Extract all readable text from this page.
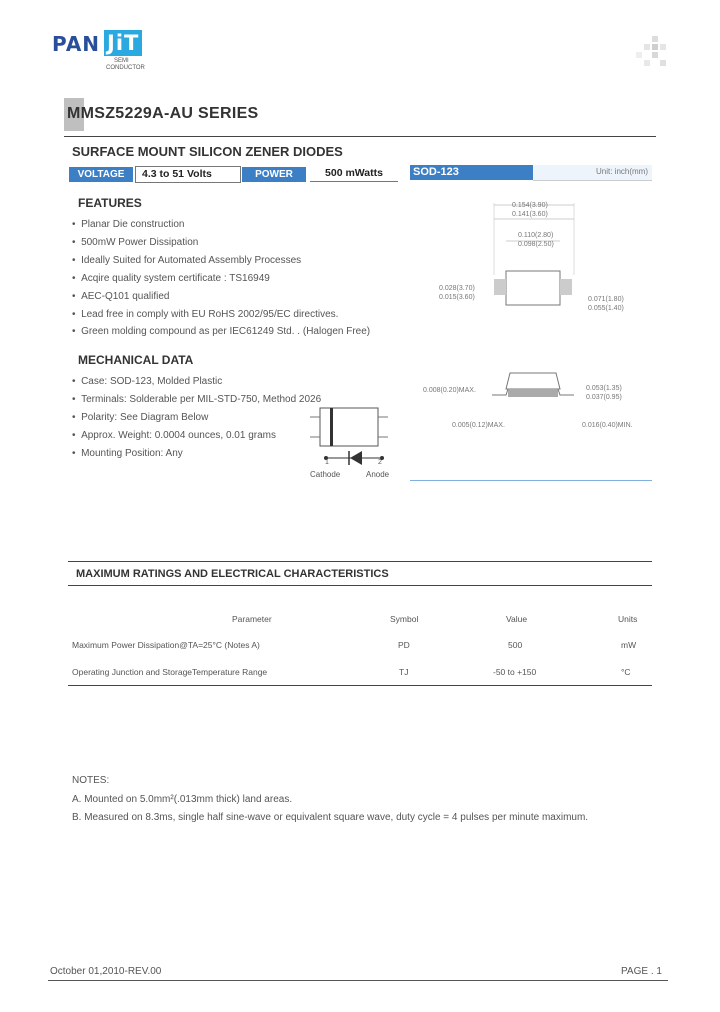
PAN JiT
SEMI
CONDUCTOR
MMSZ5229A-AU SERIES
SURFACE MOUNT SILICON ZENER DIODES
VOLTAGE	4.3 to 51 Volts	POWER	500 mWatts	SOD-123	Unit: inch(mm)
FEATURES
•  Planar Die construction
•  500mW Power Dissipation
•  Ideally Suited for Automated Assembly Processes
•  Acqire quality system certificate : TS16949
•  AEC-Q101 qualified
•  Lead free in comply with EU RoHS 2002/95/EC directives.
•  Green molding compound as per IEC61249 Std. . (Halogen Free)
MECHANICAL DATA
•  Case: SOD-123, Molded Plastic
•  Terminals: Solderable per MIL-STD-750, Method 2026
•  Polarity: See Diagram Below
•  Approx. Weight: 0.0004 ounces, 0.01 grams
•  Mounting Position: Any
1	2
Cathode	Anode
0.154(3.90)
0.141(3.60)
0.110(2.80)
0.098(2.50)
0.028(3.70)
0.015(3.60)	0.071(1.80)
0.055(1.40)
0.008(0.20)MAX.	0.053(1.35)
0.037(0.95)
0.005(0.12)MAX.	0.016(0.40)MIN.
MAXIMUM RATINGS AND ELECTRICAL CHARACTERISTICS
Parameter	Symbol	Value	Units
Maximum Power Dissipation@TA=25°C (Notes A)	PD	500	mW
Operating Junction and StorageTemperature Range	TJ	-50 to +150	°C
NOTES:
A. Mounted on 5.0mm²(.013mm thick) land areas.
B. Measured on 8.3ms, single half sine-wave or equivalent square wave, duty cycle = 4 pulses per minute maximum.
October 01,2010-REV.00	PAGE . 1
